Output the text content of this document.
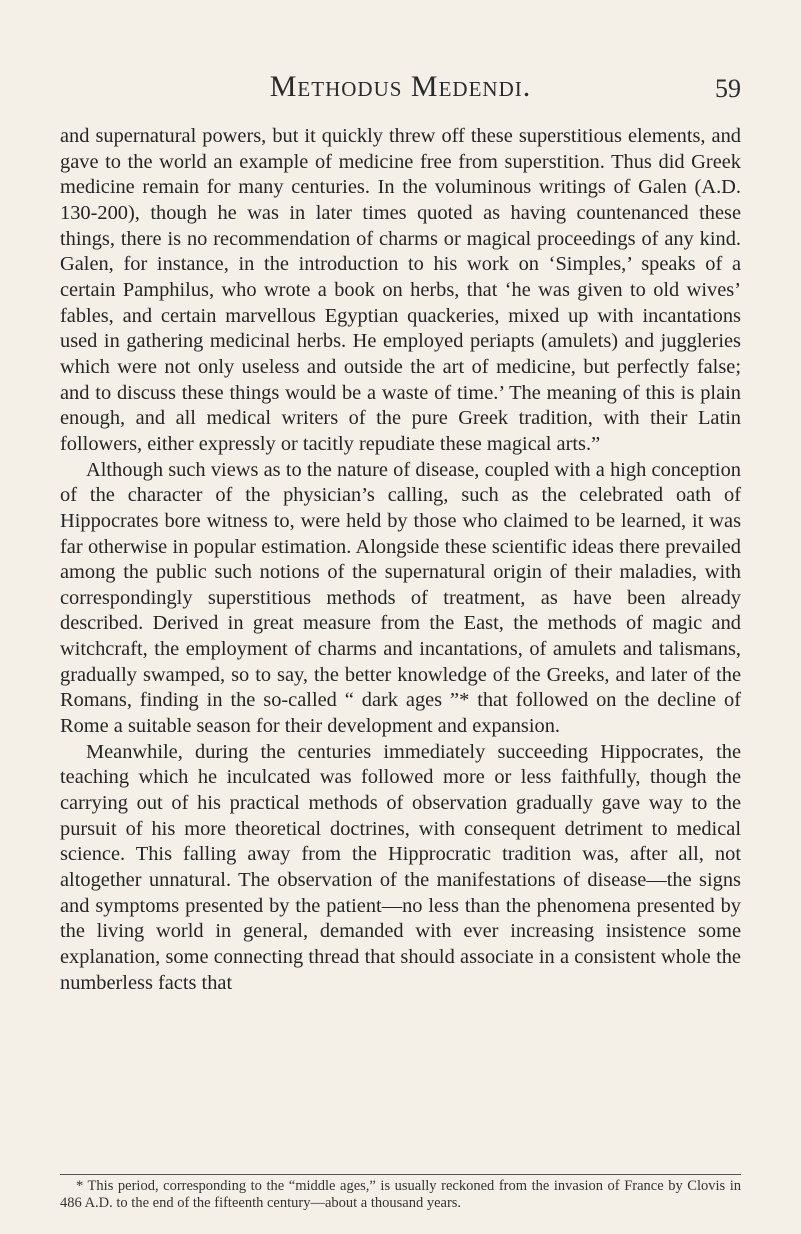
Methodus Medendi.	59

and supernatural powers, but it quickly threw off these superstitious elements, and gave to the world an example of medicine free from superstition. Thus did Greek medicine remain for many centuries. In the voluminous writings of Galen (A.D. 130-200), though he was in later times quoted as having countenanced these things, there is no recommendation of charms or magical proceedings of any kind. Galen, for instance, in the introduction to his work on ‘Simples,’ speaks of a certain Pamphilus, who wrote a book on herbs, that ‘he was given to old wives’ fables, and certain marvellous Egyptian quackeries, mixed up with incantations used in gathering medicinal herbs. He employed periapts (amulets) and juggleries which were not only useless and outside the art of medicine, but perfectly false; and to discuss these things would be a waste of time.’ The meaning of this is plain enough, and all medical writers of the pure Greek tradition, with their Latin followers, either expressly or tacitly repudiate these magical arts.”

Although such views as to the nature of disease, coupled with a high conception of the character of the physician’s calling, such as the celebrated oath of Hippocrates bore witness to, were held by those who claimed to be learned, it was far otherwise in popular estimation. Alongside these scientific ideas there prevailed among the public such notions of the supernatural origin of their maladies, with correspondingly superstitious methods of treatment, as have been already described. Derived in great measure from the East, the methods of magic and witchcraft, the employment of charms and incantations, of amulets and talismans, gradually swamped, so to say, the better knowledge of the Greeks, and later of the Romans, finding in the so-called “ dark ages ”* that followed on the decline of Rome a suitable season for their development and expansion.

Meanwhile, during the centuries immediately succeeding Hippocrates, the teaching which he inculcated was followed more or less faithfully, though the carrying out of his practical methods of observation gradually gave way to the pursuit of his more theoretical doctrines, with consequent detriment to medical science. This falling away from the Hipprocratic tradition was, after all, not altogether unnatural. The observation of the manifestations of disease—the signs and symptoms presented by the patient—no less than the phenomena presented by the living world in general, demanded with ever increasing insistence some explanation, some connecting thread that should associate in a consistent whole the numberless facts that

* This period, corresponding to the “middle ages,” is usually reckoned from the invasion of France by Clovis in 486 A.D. to the end of the fifteenth century—about a thousand years.
